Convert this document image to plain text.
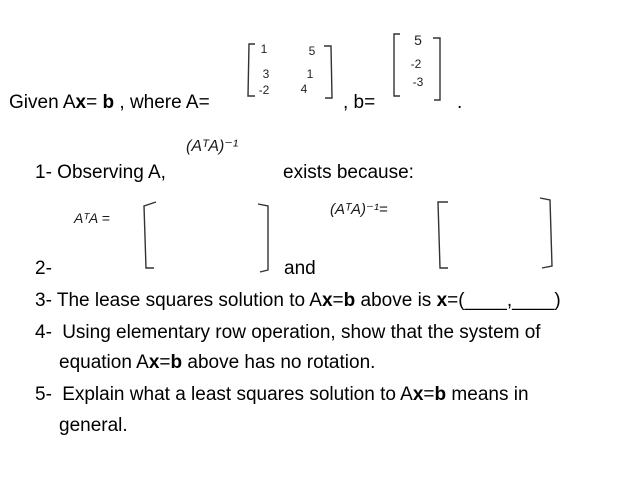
1	5
3	1
-2	4
5
-2
-3
Given Ax= b , where A=	, b=	.
1- Observing A,
(AᵀA)⁻¹
exists because:
AᵀA =	(AᵀA)⁻¹=
2-	and
3- The lease squares solution to Ax=b above is x=(____,____)
4- Using elementary row operation, show that the system of
equation Ax=b above has no rotation.
5- Explain what a least squares solution to Ax=b means in
general.
